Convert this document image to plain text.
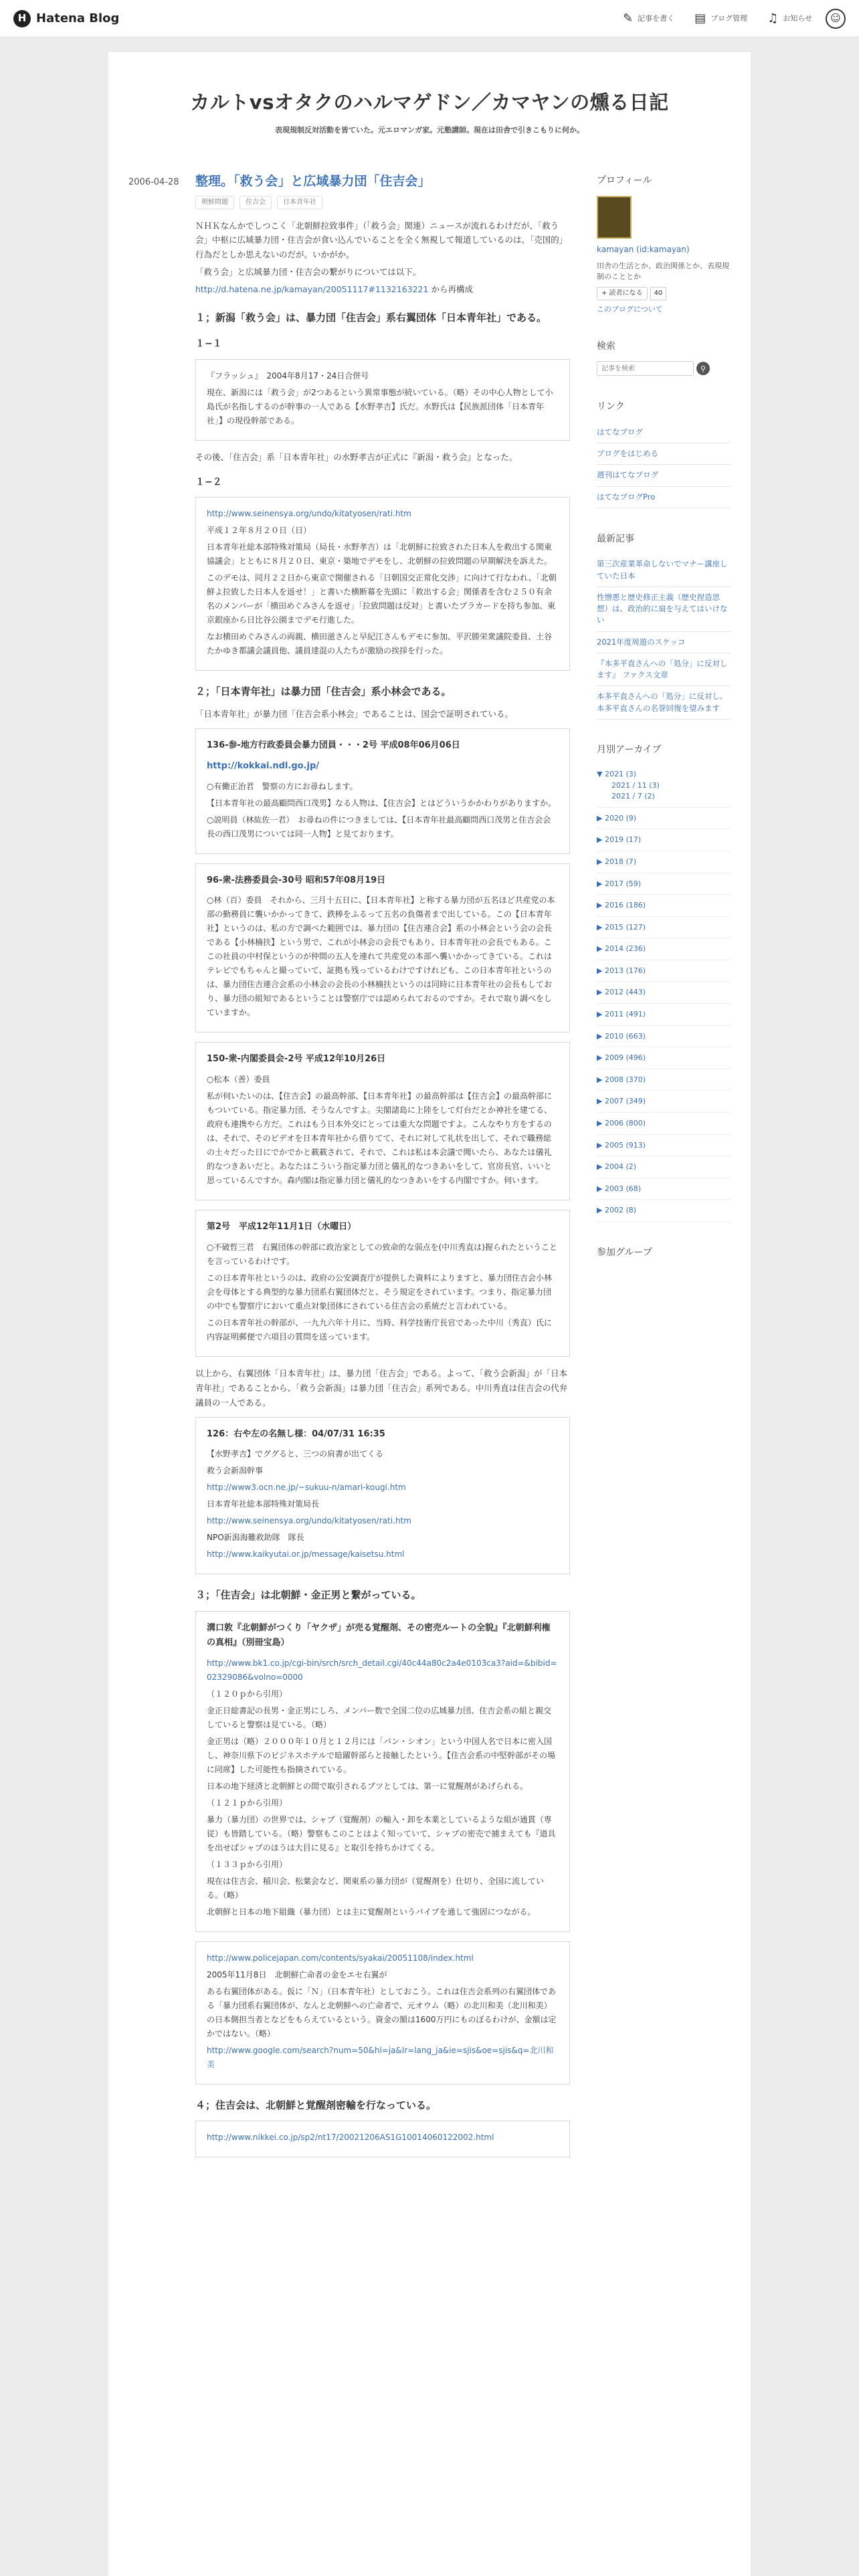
H Hatena Blog	✎ 記事を書く ▤ ブログ管理 ♫ お知らせ	☺
カルトvsオタクのハルマゲドン／カマヤンの燻る日記
表現規制反対活動を皆ていた。元エロマンガ家。元塾講師。現在は田舎で引きこもりに何か。
2006-04-28	整理。「救う会」と広域暴力団「住吉会」
朝鮮問題	住吉会	日本青年社
ＮＨＫなんかでしつこく「北朝鮮拉致事件」（「救う会」関連）ニュースが流れるわけだが、「救う会」中枢に広域暴力団・住吉会が食い込んでいることを全く無視して報道しているのは、「売国的」行為だとしか思えないのだが。いかがか。
「救う会」と広域暴力団・住吉会の繋がりについては以下。
http://d.hatena.ne.jp/kamayan/20051117#1132163221 から再構成
１；新潟「救う会」は、暴力団「住吉会」系右翼団体「日本青年社」である。
１−１
『フラッシュ』　2004年8月17・24日合併号
現在、新潟には「救う会」が2つあるという異常事態が続いている。（略）その中心人物として小島氏が名指しするのが幹事の一人である【水野孝吉】氏だ。水野氏は【民族派団体「日本青年社」】の現役幹部である。
その後、「住吉会」系「日本青年社」の水野孝吉が正式に『新潟・救う会』となった。
１−２
http://www.seinensya.org/undo/kitatyosen/rati.htm
平成１２年８月２０日（日）
日本青年社総本部特殊対策局（局長・水野孝吉）は「北朝鮮に拉致された日本人を救出する関東協議会」とともに８月２０日、東京・築地でデモをし、北朝鮮の拉致問題の早期解決を訴えた。
このデモは、同月２２日から東京で開催される「日朝国交正常化交渉」に向けて行なわれ、「北朝鮮よ拉致した日本人を返せ！」と書いた横断幕を先頭に「救出する会」関係者を含む２５０有余名のメンバーが「横田めぐみさんを返せ」「拉致問題は反対」と書いたプラカードを持ち参加、東京銀座から日比谷公園までデモ行進した。
なお横田めぐみさんの両親、横田滋さんと早紀江さんもデモに参加、平沢勝栄衆議院委員、土谷たかゆき都議会議員他、議員達混の人たちが激励の挨拶を行った。
２；「日本青年社」は暴力団「住吉会」系小林会である。
「日本青年社」が暴力団「住吉会系小林会」であることは、国会で証明されている。
136-参-地方行政委員会暴力団員・・・2号 平成08年06月06日
http://kokkai.ndl.go.jp/
○有働正治君　警察の方にお尋ねします。
【日本青年社の最高顧問西口茂男】なる人物は、【住吉会】とはどういうかかわりがありますか。
○説明員（林紘佐一君）　お尋ねの件につきましては、【日本青年社最高顧問西口茂男と住吉会会長の西口茂男については同一人物】と見ております。
96-衆-法務委員会-30号 昭和57年08月19日
○林（百）委員　それから、三月十五日に、【日本青年社】と称する暴力団が五名ほど共産党の本部の勤務員に襲いかかってきて、鉄棒をふるって五名の負傷者まで出している。この【日本青年社】というのは、私の方で調べた範囲では、暴力団の【住吉連合会】系の小林会という会の会長である【小林楠扶】という男で、これが小林会の会長でもあり、日本青年社の会長でもある。ここの社員の中村保というのが仲間の五人を連れて共産党の本部へ襲いかかってきている。これはテレビでもちゃんと撮っていて、証拠も残っているわけですけれども、この日本青年社というのは、暴力団住吉連合会系の小林会の会長の小林楠扶というのは同時に日本青年社の会長もしており、暴力団の組知であるということは警察庁では認められておるのですか。それで取り調べをしていますか。
150-衆-内閣委員会-2号 平成12年10月26日
○松本（善）委員
私が伺いたいのは、【住吉会】の最高幹部、【日本青年社】の最高幹部は【住吉会】の最高幹部にもついている。指定暴力団、そうなんですよ。尖閣諸島に上陸をして灯台だとか神社を建てる、政府も連携やら方だ。これはもう日本外交にとっては重大な問題ですよ。こんなやり方をするのは、それで、そのビデオを日本青年社から借りてて、それに対して礼状を出して、それで職務総の土々だった日にでかでかと載載されて、それで、これは私は本会議で聞いたら、あなたは儀礼的なつきあいだと。あなたはこういう指定暴力団と儀礼的なつきあいをして、官房長官、いいと思っているんですか。森内閣は指定暴力団と儀礼的なつきあいをする内閣ですか。伺います。
第2号　平成12年11月1日（水曜日）
○不破哲三君　右翼団体の幹部に政治家としての致命的な弱点を(中川秀直は)握られたということを言っているわけです。
この日本青年社というのは、政府の公安調査庁が提供した資料によりますと、暴力団住吉会小林会を母体とする典型的な暴力団系右翼団体だと、そう規定をされています。つまり、指定暴力団の中でも警察庁において重点対象団体にされている住吉会の系統だと言われている。
この日本青年社の幹部が、一九九六年十月に、当時、科学技術庁長官であった中川（秀直）氏に内容証明郵便で六項目の質問を送っています。
以上から、右翼団体「日本青年社」は、暴力団「住吉会」である。よって、「救う会新潟」が「日本青年社」であることから、「救う会新潟」は暴力団「住吉会」系列である。中川秀直は住吉会の代弁議員の一人である。
126：右や左の名無し様：04/07/31 16:35
【水野孝吉】でググると、三つの肩書が出てくる
救う会新潟幹事
http://www3.ocn.ne.jp/~sukuu-n/amari-kougi.htm
日本青年社総本部特殊対策局長
http://www.seinensya.org/undo/kitatyosen/rati.htm
NPO新潟海難救助隊　隊長
http://www.kaikyutai.or.jp/message/kaisetsu.html
３；「住吉会」は北朝鮮・金正男と繋がっている。
溝口敦『北朝鮮がつくり「ヤクザ」が売る覚醒剤、その密売ルートの全貌』『北朝鮮利権の真相』（別冊宝島）
http://www.bk1.co.jp/cgi-bin/srch/srch_detail.cgi/40c44a80c2a4e0103ca3?aid=&bibid=02329086&volno=0000
（１２０ｐから引用）
金正日総書記の長男・金正男にしろ、メンバー数で全国二位の広域暴力団、住吉会系の組と親交していると警察は見ている。（略）
金正男は（略）２０００年１０月と１２月には「パン・シオン」という中国人名で日本に密入国し、神奈川県下のビジネスホテルで暗躍幹部らと接触したという。【住吉会系の中堅幹部がその場に同席】した可能性も指摘されている。
日本の地下経済と北朝鮮との間で取引されるブツとしては、第一に覚醒剤があげられる。
（１２１ｐから引用）
暴力（暴力団）の世界では、シャブ（覚醒剤）の輸入・卸を本業としているような組が通貫（専従）も皆踏している。（略）警察もこのことはよく知っていて、シャブの密売で捕まえても『道具を出せばシャブのほうは大目に見る』と取引を持ちかけてくる。
（１３３ｐから引用）
現在は住吉会、稲川会、松葉会など、関東系の暴力団が（覚醒剤を）仕切り、全国に流している。（略）
北朝鮮と日本の地下組織（暴力団）とは主に覚醒剤というパイプを通して強固につながる。
http://www.policejapan.com/contents/syakai/20051108/index.html
2005年11月8日　北朝鮮亡命者の金をエセ右翼が
ある右翼団体がある。仮に「Ｎ」（日本青年社）としておこう。これは住吉会系列の右翼団体である「暴力団系右翼団体が、なんと北朝鮮への亡命者で、元オウム（略）の北川和美（北川和美）の日本側担当者となどをもらえているという。資金の額は1600万円にものぼるわけが、金額は定かではない。（略）
http://www.google.com/search?num=50&hl=ja&lr=lang_ja&ie=sjis&oe=sjis&q=北川和美
４；住吉会は、北朝鮮と覚醒剤密輸を行なっている。
http://www.nikkei.co.jp/sp2/nt17/20021206AS1G10014060122002.html
プロフィール
kamayan (id:kamayan)
田舎の生活とか、政治関係とか、表現規制のこととか
+ 読者になる	40
このブログについて
検索
記事を検索
⚲
リンク
はてなブログ
ブログをはじめる
週刊はてなブログ
はてなブログPro
最新記事
第三次産業革命しないでマナー講座していた日本
性憎悪と歴史修正主義（歴史捏造思想）は、政治的に扇を与えてはいけない
2021年度周遊のスケッコ
『本多平直さんへの「処分」に反対します』 ファクス文章
本多平直さんへの「処分」に反対し、本多平直さんの名誉回復を望みます
月別アーカイブ
▼ 2021 (3)
2021 / 11 (3)
2021 / 7 (2)
▶ 2020 (9)
▶ 2019 (17)
▶ 2018 (7)
▶ 2017 (59)
▶ 2016 (186)
▶ 2015 (127)
▶ 2014 (236)
▶ 2013 (176)
▶ 2012 (443)
▶ 2011 (491)
▶ 2010 (663)
▶ 2009 (496)
▶ 2008 (370)
▶ 2007 (349)
▶ 2006 (800)
▶ 2005 (913)
▶ 2004 (2)
▶ 2003 (68)
▶ 2002 (8)
参加グループ
